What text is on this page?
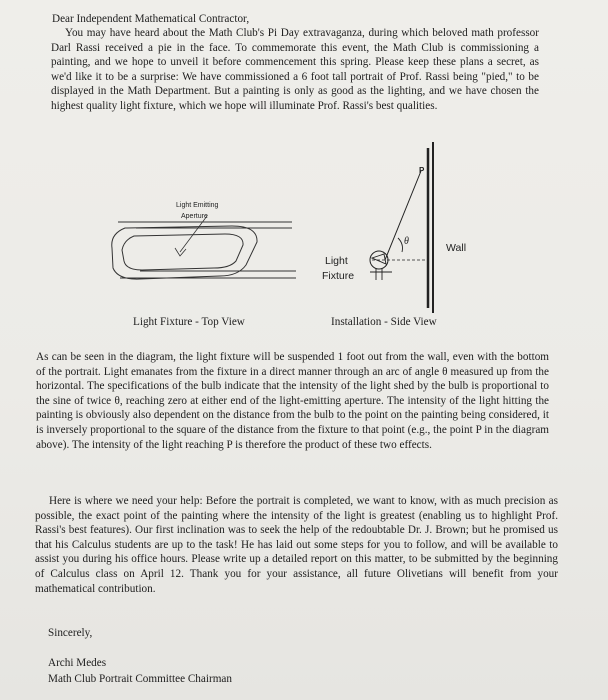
Dear Independent Mathematical Contractor,

You may have heard about the Math Club's Pi Day extravaganza, during which beloved math professor Darl Rassi received a pie in the face. To commemorate this event, the Math Club is commissioning a painting, and we hope to unveil it before commencement this spring. Please keep these plans a secret, as we'd like it to be a surprise: We have commissioned a 6 foot tall portrait of Prof. Rassi being "pied," to be displayed in the Math Department. But a painting is only as good as the lighting, and we have chosen the highest quality light fixture, which we hope will illuminate Prof. Rassi's best qualities.

Light Emitting
Aperture
P
θ
Wall
Light
Fixture
Light Fixture - Top View	Installation - Side View

As can be seen in the diagram, the light fixture will be suspended 1 foot out from the wall, even with the bottom of the portrait. Light emanates from the fixture in a direct manner through an arc of angle θ measured up from the horizontal. The specifications of the bulb indicate that the intensity of the light shed by the bulb is proportional to the sine of twice θ, reaching zero at either end of the light-emitting aperture. The intensity of the light hitting the painting is obviously also dependent on the distance from the bulb to the point on the painting being considered, it is inversely proportional to the square of the distance from the fixture to that point (e.g., the point P in the diagram above). The intensity of the light reaching P is therefore the product of these two effects.

Here is where we need your help: Before the portrait is completed, we want to know, with as much precision as possible, the exact point of the painting where the intensity of the light is greatest (enabling us to highlight Prof. Rassi's best features). Our first inclination was to seek the help of the redoubtable Dr. J. Brown; but he promised us that his Calculus students are up to the task! He has laid out some steps for you to follow, and will be available to assist you during his office hours. Please write up a detailed report on this matter, to be submitted by the beginning of Calculus class on April 12. Thank you for your assistance, all future Olivetians will benefit from your mathematical contribution.

Sincerely,

Archi Medes

Math Club Portrait Committee Chairman
